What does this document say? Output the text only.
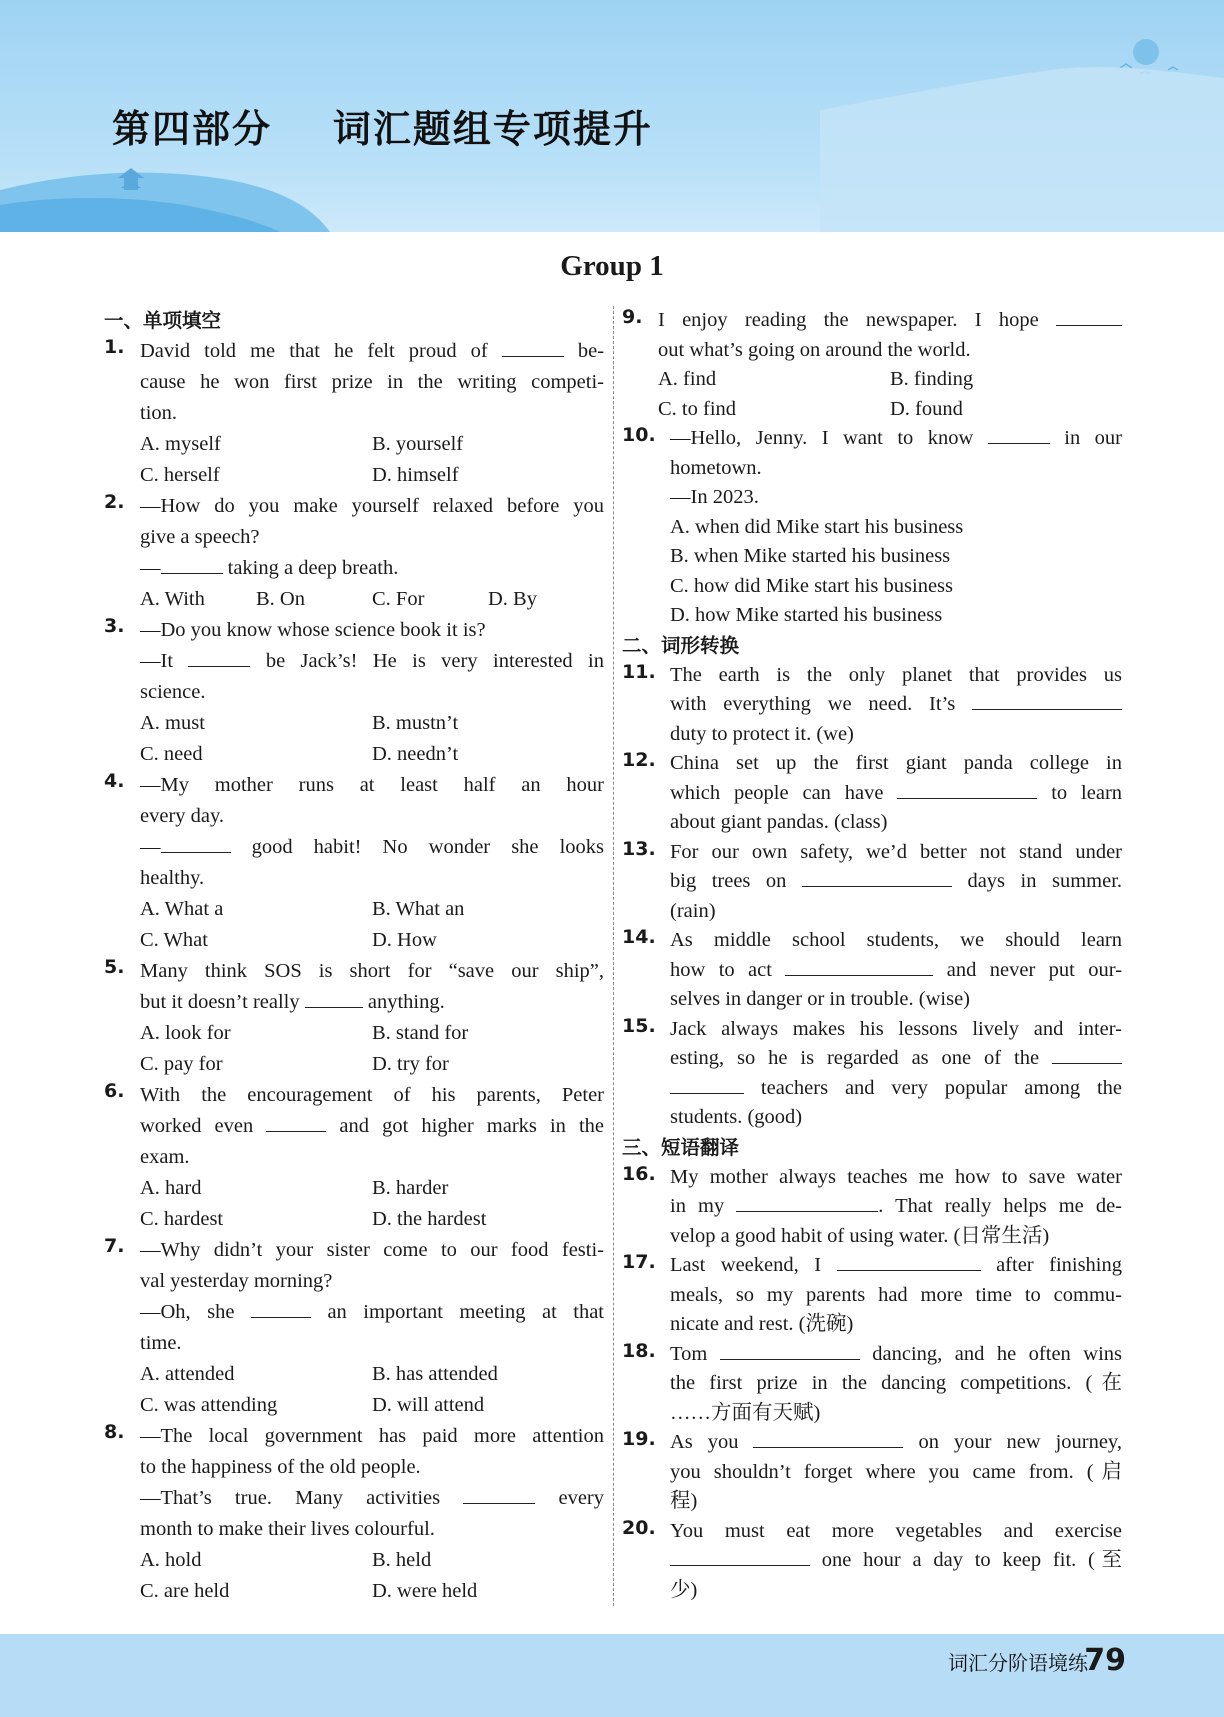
第四部分    词汇题组专项提升
Group 1
一、单项填空
1. David told me that he felt proud of	be-
cause he won first prize in the writing competi-
tion.
A. myself	B. yourself
C. herself	D. himself
2. —How do you make yourself relaxed before you
give a speech?
—	taking a deep breath.
A. With	B. On	C. For	D. By
3. —Do you know whose science book it is?
—It	be Jack’s! He is very interested in
science.
A. must	B. mustn’t
C. need	D. needn’t
4. —My mother runs at least half an hour
every day.
—	good habit! No wonder she looks
healthy.
A. What a	B. What an
C. What	D. How
5. Many think SOS is short for “save our ship”,
but it doesn’t really	anything.
A. look for	B. stand for
C. pay for	D. try for
6. With the encouragement of his parents, Peter
worked even	and got higher marks in the
exam.
A. hard	B. harder
C. hardest	D. the hardest
7. —Why didn’t your sister come to our food festi-
val yesterday morning?
—Oh, she	an important meeting at that
time.
A. attended	B. has attended
C. was attending	D. will attend
8. —The local government has paid more attention
to the happiness of the old people.
—That’s true. Many activities	every
month to make their lives colourful.
A. hold	B. held
C. are held	D. were held
9. I enjoy reading the newspaper. I hope
out what’s going on around the world.
A. find	B. finding
C. to find	D. found
10. —Hello, Jenny. I want to know	in our
hometown.
—In 2023.
A. when did Mike start his business
B. when Mike started his business
C. how did Mike start his business
D. how Mike started his business
二、词形转换
11. The earth is the only planet that provides us
with everything we need. It’s
duty to protect it. (we)
12. China set up the first giant panda college in
which people can have	to learn
about giant pandas. (class)
13. For our own safety, we’d better not stand under
big trees on	days in summer.
(rain)
14. As middle school students, we should learn
how to act	and never put our-
selves in danger or in trouble. (wise)
15. Jack always makes his lessons lively and inter-
esting, so he is regarded as one of the
teachers and very popular among the
students. (good)
三、短语翻译
16. My mother always teaches me how to save water
in my	. That really helps me de-
velop a good habit of using water. (日常生活)
17. Last weekend, I	after finishing
meals, so my parents had more time to commu-
nicate and rest. (洗碗)
18. Tom	dancing, and he often wins
the first prize in the dancing competitions. (在
……方面有天赋)
19. As you	on your new journey,
you shouldn’t forget where you came from. (启
程)
20. You must eat more vegetables and exercise
one hour a day to keep fit. (至
少)
词汇分阶语境练
79
